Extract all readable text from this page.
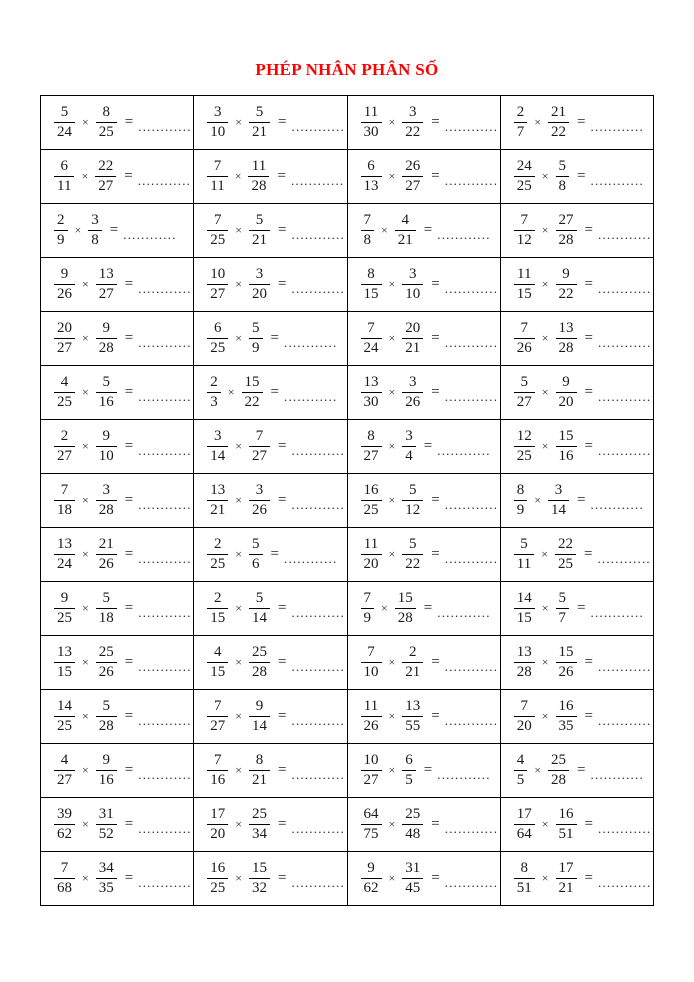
PHÉP NHÂN PHÂN SỐ
$\frac{5}{24} \times \frac{8}{25}$ = ............	$\frac{3}{10} \times \frac{5}{21}$ = ............	$\frac{11}{30} \times \frac{3}{22}$ = ............	$\frac{2}{7} \times \frac{21}{22}$ = ............

$\frac{6}{11} \times \frac{22}{27}$ = ............	$\frac{7}{11} \times \frac{11}{28}$ = ............	$\frac{6}{13} \times \frac{26}{27}$ = ............	$\frac{24}{25} \times \frac{5}{8}$ = ............

$\frac{2}{9} \times \frac{3}{8}$ = ............	$\frac{7}{25} \times \frac{5}{21}$ = ............	$\frac{7}{8} \times \frac{4}{21}$ = ............	$\frac{7}{12} \times \frac{27}{28}$ = ............

$\frac{9}{26} \times \frac{13}{27}$ = ............	$\frac{10}{27} \times \frac{3}{20}$ = ............	$\frac{8}{15} \times \frac{3}{10}$ = ............	$\frac{11}{15} \times \frac{9}{22}$ = ............

$\frac{20}{27} \times \frac{9}{28}$ = ............	$\frac{6}{25} \times \frac{5}{9}$ = ............	$\frac{7}{24} \times \frac{20}{21}$ = ............	$\frac{7}{26} \times \frac{13}{28}$ = ............

$\frac{4}{25} \times \frac{5}{16}$ = ............	$\frac{2}{3} \times \frac{15}{22}$ = ............	$\frac{13}{30} \times \frac{3}{26}$ = ............	$\frac{5}{27} \times \frac{9}{20}$ = ............

$\frac{2}{27} \times \frac{9}{10}$ = ............	$\frac{3}{14} \times \frac{7}{27}$ = ............	$\frac{8}{27} \times \frac{3}{4}$ = ............	$\frac{12}{25} \times \frac{15}{16}$ = ............

$\frac{7}{18} \times \frac{3}{28}$ = ............	$\frac{13}{21} \times \frac{3}{26}$ = ............	$\frac{16}{25} \times \frac{5}{12}$ = ............	$\frac{8}{9} \times \frac{3}{14}$ = ............

$\frac{13}{24} \times \frac{21}{26}$ = ............	$\frac{2}{25} \times \frac{5}{6}$ = ............	$\frac{11}{20} \times \frac{5}{22}$ = ............	$\frac{5}{11} \times \frac{22}{25}$ = ............

$\frac{9}{25} \times \frac{5}{18}$ = ............	$\frac{2}{15} \times \frac{5}{14}$ = ............	$\frac{7}{9} \times \frac{15}{28}$ = ............	$\frac{14}{15} \times \frac{5}{7}$ = ............

$\frac{13}{15} \times \frac{25}{26}$ = ............	$\frac{4}{15} \times \frac{25}{28}$ = ............	$\frac{7}{10} \times \frac{2}{21}$ = ............	$\frac{13}{28} \times \frac{15}{26}$ = ............

$\frac{14}{25} \times \frac{5}{28}$ = ............	$\frac{7}{27} \times \frac{9}{14}$ = ............	$\frac{11}{26} \times \frac{13}{55}$ = ............	$\frac{7}{20} \times \frac{16}{35}$ = ............

$\frac{4}{27} \times \frac{9}{16}$ = ............	$\frac{7}{16} \times \frac{8}{21}$ = ............	$\frac{10}{27} \times \frac{6}{5}$ = ............	$\frac{4}{5} \times \frac{25}{28}$ = ............

$\frac{39}{62} \times \frac{31}{52}$ = ............	$\frac{17}{20} \times \frac{25}{34}$ = ............	$\frac{64}{75} \times \frac{25}{48}$ = ............	$\frac{17}{64} \times \frac{16}{51}$ = ............

$\frac{7}{68} \times \frac{34}{35}$ = ............	$\frac{16}{25} \times \frac{15}{32}$ = ............	$\frac{9}{62} \times \frac{31}{45}$ = ............	$\frac{8}{51} \times \frac{17}{21}$ = ............
